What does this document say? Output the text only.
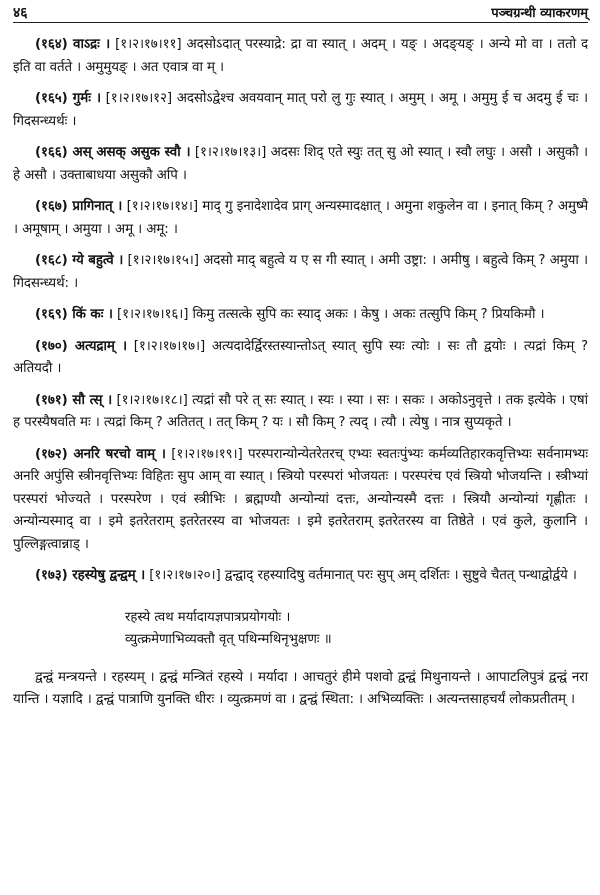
४६	पञ्चग्रन्थी व्याकरणम्

(१६४) वाऽद्रः । [१।२।१७।११] अदसोऽदात् परस्याद्रे: द्रा वा स्यात् । अदम् । यङ् । अदङ्‌यङ् । अन्ये मो वा । ततो द इति वा वर्तते । अमुमुयङ् । अत एवात्र वा म् ।

(१६५) गुर्मः । [१।२।१७।१२] अदसोऽद्वेश्च अवयवान् मात् परो लु गुः स्यात् । अमुम् । अमू । अमुमु ई च अदमु ई चः । गिदसन्ध्यर्थः ।

(१६६) अस् असक् असुक स्वौ । [१।२।१७।१३।] अदसः शिद् एते स्युः तत् सु ओ स्यात् । स्वौ लघुः । असौ । असुकौ । हे असौ । उक्ताबाधया असुकौ अपि ।

(१६७) प्रागिनात् । [१।२।१७।१४।] माद् गु इनादेशादेव प्राग् अन्यस्मादक्षात् । अमुना शकुलेन वा । इनात् किम् ? अमुष्मै । अमूषाम् । अमुया । अमू । अमू: ।

(१६८) ग्ये बहुत्वे । [१।२।१७।१५।] अदसो माद् बहुत्वे य ए स गी स्यात् । अमी उष्ट्रा: । अमीषु । बहुत्वे किम् ? अमुया । गिदसन्ध्यर्थ: ।

(१६९) किं कः । [१।२।१७।१६।] किमु तत्सत्के सुपि कः स्याद् अकः । केषु । अकः तत्सुपि किम् ? प्रियकिमौ ।

(१७०) अत्यद्राम् । [१।२।१७।१७।] अत्यदादेर्द्विरस्तस्यान्तोऽत् स्यात् सुपि स्यः त्योः । सः तौ द्वयोः । त्यद्रां किम् ? अतियदौ ।

(१७१) सौ त्स् । [१।२।१७।१८।] त्यद्रां सौ परे त् सः स्यात् । स्यः । स्या । सः । सकः । अकोऽनुवृत्ते । तक इत्येके । एषां ह परस्यैषवति मः । त्यद्रां किम् ? अतितत् । तत् किम् ? यः । सौ किम् ? त्यद् । त्यौ । त्येषु । नात्र सुप्यकृते ।

(१७२) अनरि षरचो वाम् । [१।२।१७।१९।] परस्परान्योन्येतरेतरच् एभ्यः स्वतःपुंभ्यः कर्मव्यतिहारकवृत्तिभ्यः सर्वनामभ्यः अनरि अपुंसि स्त्रीनवृत्तिभ्यः विहितः सुप आम् वा स्यात् । स्त्रियो परस्परां भोजयतः । परस्परंच एवं स्त्रियो भोजयन्ति । स्त्रीभ्यां परस्परां भोज्यते । परस्परेण । एवं स्त्रीभिः । ब्रह्मण्यौ अन्योन्यां दत्तः, अन्योन्यस्मै दत्तः । स्त्रियौ अन्योन्यां गृह्णीतः । अन्योन्यस्माद् वा । इमे इतरेतराम् इतरेतरस्य वा भोजयतः । इमे इतरेतराम् इतरेतरस्य वा तिष्ठेते । एवं कुले, कुलानि । पुल्लिङ्गत्वान्नाड् ।

(१७३) रहस्येषु द्वन्द्वम् । [१।२।१७।२०।] द्वन्द्वाद् रहस्यादिषु वर्तमानात् परः सुप् अम् दर्शितः । सुष्टुवे चैतत् पन्थाद्वोर्द्वये ।

रहस्ये त्वथ मर्यादायज्ञपात्रप्रयोगयोः ।
व्युत्क्रमेणाभिव्यक्तौ वृत् पथिन्मथिनृभुक्षणः ॥

द्वन्द्वं मन्त्रयन्ते । रहस्यम् । द्वन्द्वं मन्त्रितं रहस्ये । मर्यादा । आचतुरं हीमे पशवो द्वन्द्वं मिथुनायन्ते । आपाटलिपुत्रं द्वन्द्वं नरा यान्ति । यज्ञादि । द्वन्द्वं पात्राणि युनक्ति धीरः । व्युत्क्रमणं वा । द्वन्द्वं स्थिता: । अभिव्यक्तिः । अत्यन्तसाहचर्यं लोकप्रतीतम् ।
